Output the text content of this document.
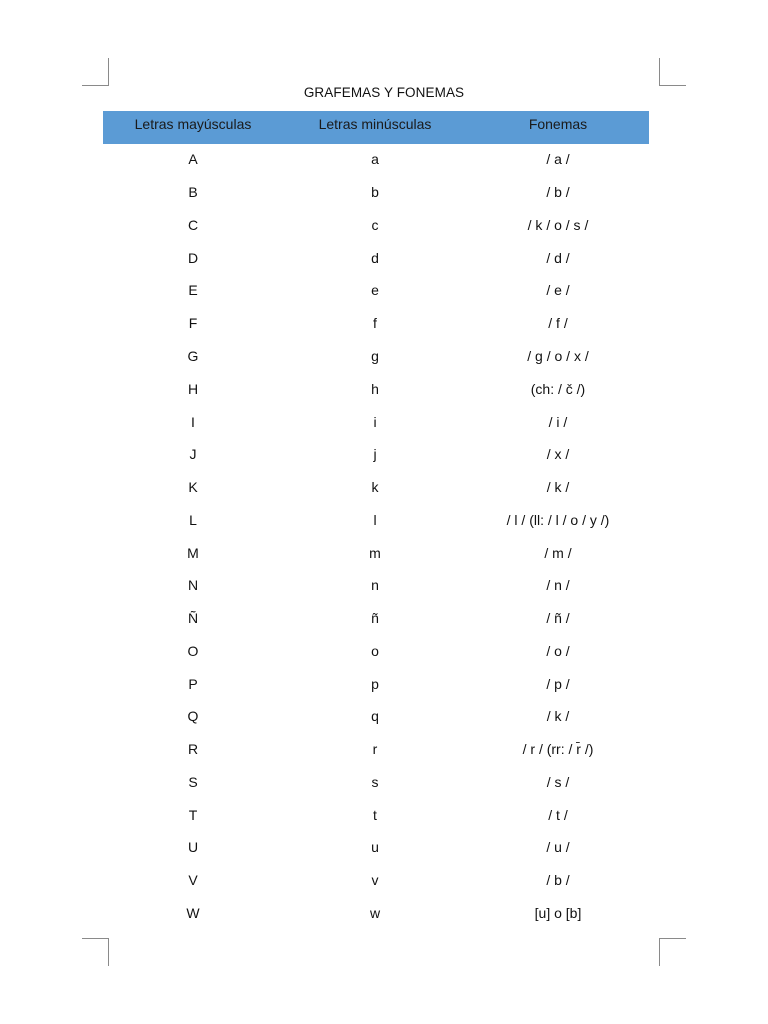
GRAFEMAS Y FONEMAS
Letras mayúsculas	Letras minúsculas	Fonemas
A	a	/ a /
B	b	/ b /
C	c	/ k / o / s /
D	d	/ d /
E	e	/ e /
F	f	/ f /
G	g	/ g / o / x /
H	h	(ch: / č /)
I	i	/ i /
J	j	/ x /
K	k	/ k /
L	l	/ l / (ll: / l / o / y /)
M	m	/ m /
N	n	/ n /
Ñ	ñ	/ ñ /
O	o	/ o /
P	p	/ p /
Q	q	/ k /
R	r	/ r / (rr: / r̄ /)
S	s	/ s /
T	t	/ t /
U	u	/ u /
V	v	/ b /
W	w	[u] o [b]
